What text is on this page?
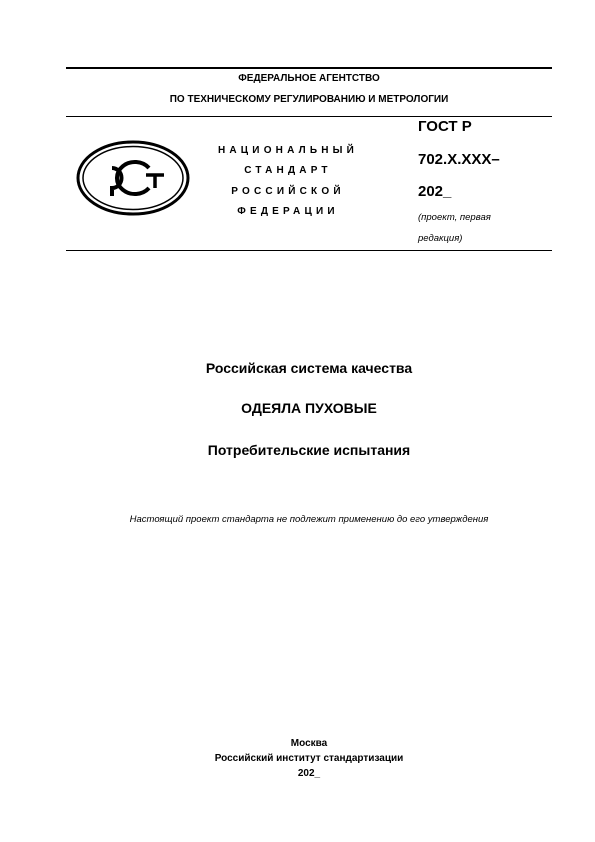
ФЕДЕРАЛЬНОЕ АГЕНТСТВО
ПО ТЕХНИЧЕСКОМУ РЕГУЛИРОВАНИЮ И МЕТРОЛОГИИ
НАЦИОНАЛЬНЫЙ
СТАНДАРТ
РОССИЙСКОЙ
ФЕДЕРАЦИИ
ГОСТ Р
702.X.XXX–
202_
(проект, первая
редакция)
Российская система качества
ОДЕЯЛА ПУХОВЫЕ
Потребительские испытания
Настоящий проект стандарта не подлежит применению до его утверждения
Москва
Российский институт стандартизации
202_
